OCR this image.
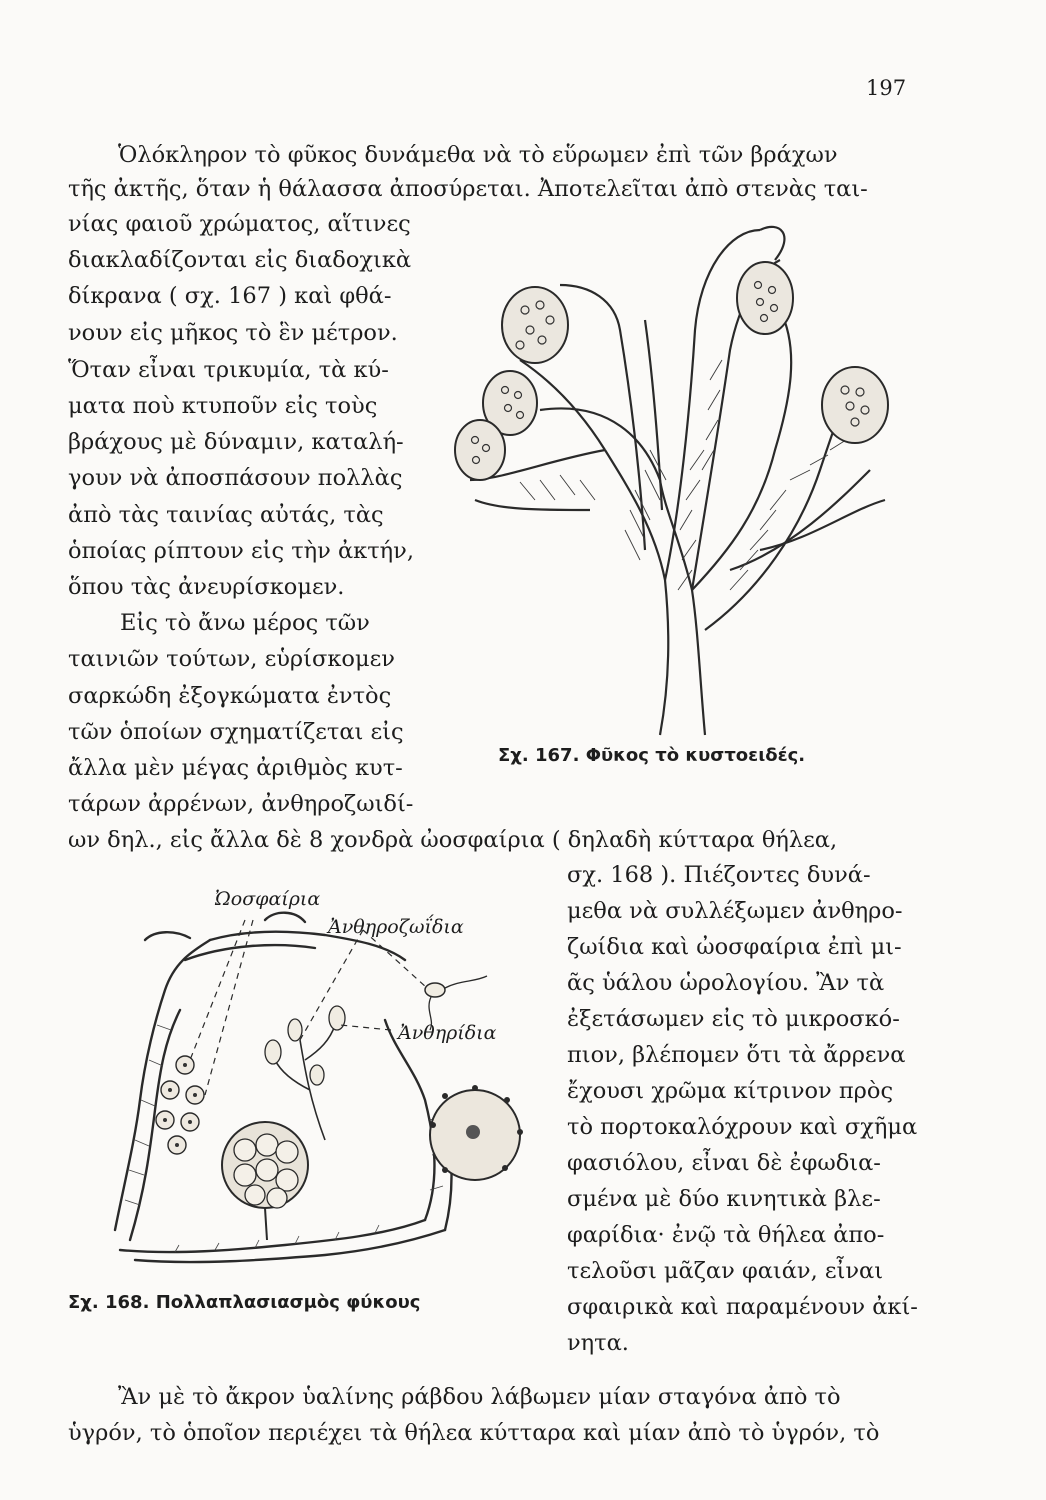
197
Ὁλόκληρον τὸ φῦκος δυνάμεθα νὰ τὸ εὕρωμεν ἐπὶ τῶν βράχων
τῆς ἀκτῆς, ὅταν ἡ θάλασσα ἀποσύρεται. Ἀποτελεῖται ἀπὸ στενὰς ται-
νίας φαιοῦ χρώματος, αἵτινες
διακλαδίζονται εἰς διαδοχικὰ
δίκρανα ( σχ. 167 ) καὶ φθά-
νουν εἰς μῆκος τὸ ἓν μέτρον.
Ὅταν εἶναι τρικυμία, τὰ κύ-
ματα ποὺ κτυποῦν εἰς τοὺς
βράχους μὲ δύναμιν, καταλή-
γουν νὰ ἀποσπάσουν πολλὰς
ἀπὸ τὰς ταινίας αὐτάς, τὰς
ὁποίας ρίπτουν εἰς τὴν ἀκτήν,
ὅπου τὰς ἀνευρίσκομεν.
Εἰς τὸ ἄνω μέρος τῶν
ταινιῶν τούτων, εὑρίσκομεν
σαρκώδη ἐξογκώματα ἐντὸς
τῶν ὁποίων σχηματίζεται εἰς
ἄλλα μὲν μέγας ἀριθμὸς κυτ-
τάρων ἀρρένων, ἀνθηροζωιδί-
ων δηλ., εἰς ἄλλα δὲ 8 χονδρὰ ὠοσφαίρια ( δηλαδὴ κύτταρα θήλεα,
σχ. 168 ). Πιέζοντες δυνά-
μεθα νὰ συλλέξωμεν ἀνθηρο-
ζωίδια καὶ ὠοσφαίρια ἐπὶ μι-
ᾶς ὑάλου ὡρολογίου. Ἂν τὰ
ἐξετάσωμεν εἰς τὸ μικροσκό-
πιον, βλέπομεν ὅτι τὰ ἄρρενα
ἔχουσι χρῶμα κίτρινον πρὸς
τὸ πορτοκαλόχρουν καὶ σχῆμα
φασιόλου, εἶναι δὲ ἐφωδια-
σμένα μὲ δύο κινητικὰ βλε-
φαρίδια· ἐνῷ τὰ θήλεα ἀπο-
τελοῦσι μᾶζαν φαιάν, εἶναι
σφαιρικὰ καὶ παραμένουν ἀκί-
νητα.
Ἂν μὲ τὸ ἄκρον ὑαλίνης ράβδου λάβωμεν μίαν σταγόνα ἀπὸ τὸ
ὑγρόν, τὸ ὁποῖον περιέχει τὰ θήλεα κύτταρα καὶ μίαν ἀπὸ τὸ ὑγρόν, τὸ
Σχ. 167. Φῦκος τὸ κυστοειδές.
Ὠοσφαίρια
Ἀνθηροζωΐδια
Ἀνθηρίδια
Σχ. 168. Πολλαπλασιασμὸς φύκους
